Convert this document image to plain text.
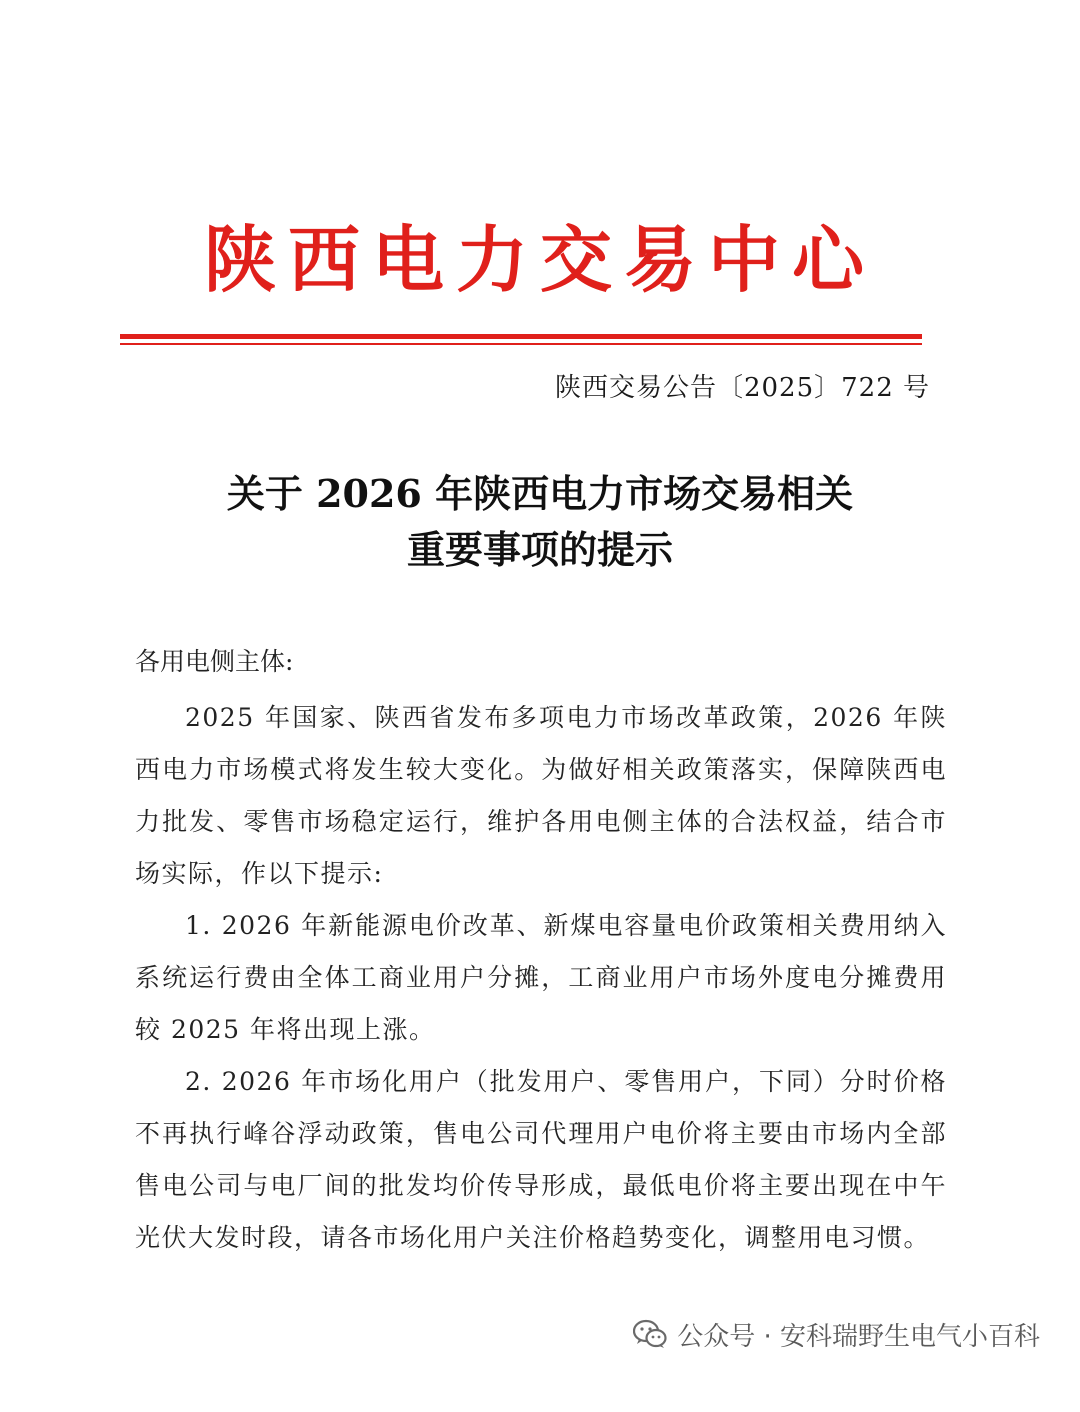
陕西电力交易中心
陕西交易公告〔2025〕722 号
关于 2026 年陕西电力市场交易相关
重要事项的提示
各用电侧主体:

2025 年国家、陕西省发布多项电力市场改革政策，2026 年陕西电力市场模式将发生较大变化。为做好相关政策落实，保障陕西电力批发、零售市场稳定运行，维护各用电侧主体的合法权益，结合市场实际，作以下提示:

1. 2026 年新能源电价改革、新煤电容量电价政策相关费用纳入系统运行费由全体工商业用户分摊，工商业用户市场外度电分摊费用较 2025 年将出现上涨。

2. 2026 年市场化用户（批发用户、零售用户，下同）分时价格不再执行峰谷浮动政策，售电公司代理用户电价将主要由市场内全部售电公司与电厂间的批发均价传导形成，最低电价将主要出现在中午光伏大发时段，请各市场化用户关注价格趋势变化，调整用电习惯。

公众号 · 安科瑞野生电气小百科
